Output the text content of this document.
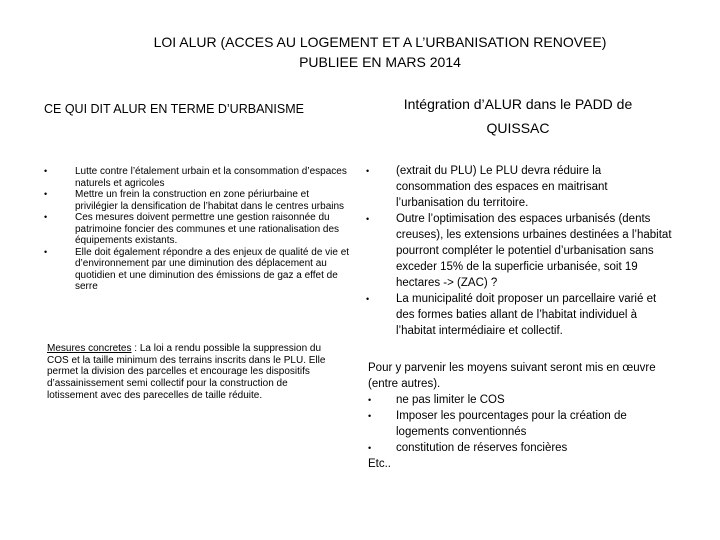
LOI ALUR (ACCES AU LOGEMENT ET A L’URBANISATION RENOVEE)
PUBLIEE EN MARS 2014
CE QUI DIT ALUR EN TERME D’URBANISME	Intégration d’ALUR dans le PADD de
QUISSAC
•	Lutte contre l’étalement urbain et la consommation d’espaces naturels et agricoles
•	Mettre un frein la construction en zone périurbaine et privilégier la densification de l’habitat dans le centres urbains
•	Ces mesures doivent permettre une gestion raisonnée du patrimoine foncier des communes et une rationalisation des équipements existants.
•	Elle doit également répondre a des enjeux de qualité de vie et d’environnement par une diminution des déplacement au quotidien et une diminution des émissions de gaz a effet de serre
Mesures concretes : La loi a rendu possible la suppression du COS et la taille minimum des terrains inscrits dans le PLU. Elle permet la division des parcelles et encourage les dispositifs d’assainissement semi collectif pour la construction de lotissement avec des parecelles de taille réduite.
• (extrait du PLU) Le PLU devra réduire la consommation des espaces en maitrisant l’urbanisation du territoire.
• Outre l’optimisation des espaces urbanisés (dents creuses), les extensions urbaines destinées a l’habitat pourront compléter le potentiel d’urbanisation sans exceder 15% de la superficie urbanisée, soit 19 hectares -> (ZAC) ?
• La municipalité doit proposer un parcellaire varié et des formes baties allant de l’habitat individuel à l’habitat intermédiaire et collectif.
Pour y parvenir les moyens suivant seront mis en œuvre (entre autres).
• ne pas limiter le COS
• Imposer les pourcentages pour la création de logements conventionnés
• constitution de réserves foncières
Etc..
